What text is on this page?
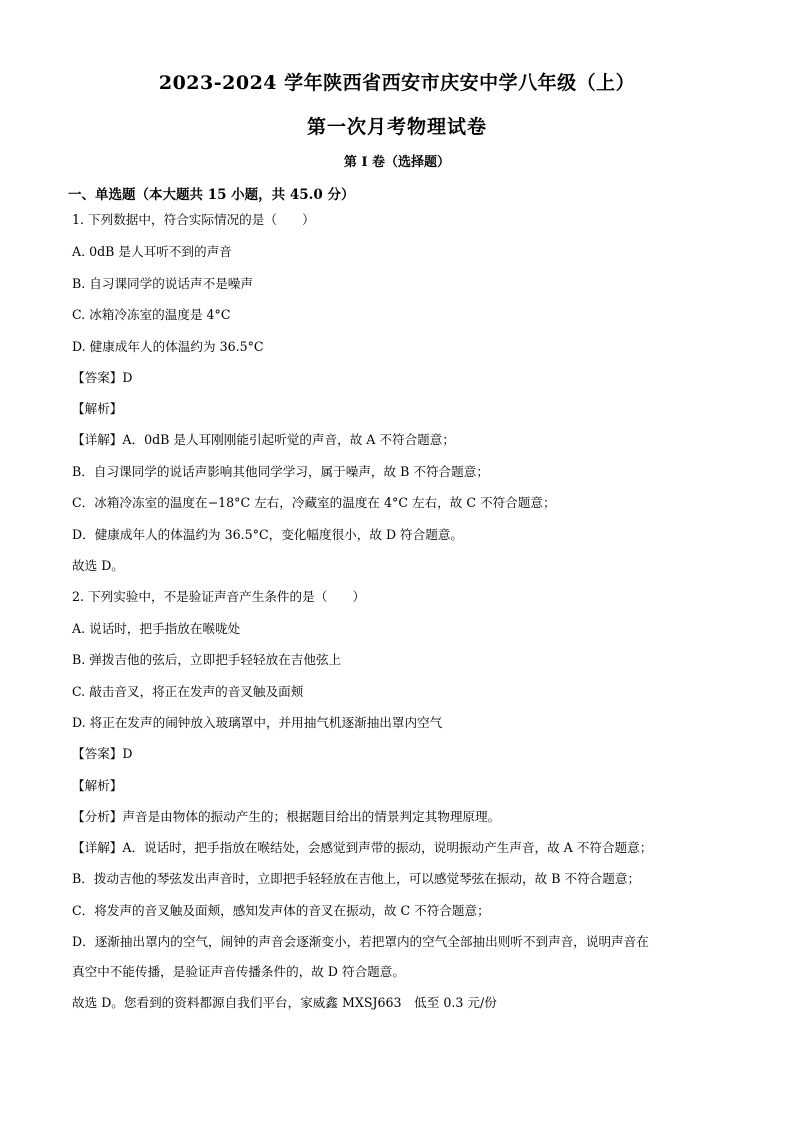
2023-2024 学年陕西省西安市庆安中学八年级（上）
第一次月考物理试卷
第 I 卷（选择题）
一、单选题（本大题共 15 小题，共 45.0 分）
1. 下列数据中，符合实际情况的是（　　）
A. 0dB 是人耳听不到的声音
B. 自习课同学的说话声不是噪声
C. 冰箱冷冻室的温度是 4°C
D. 健康成年人的体温约为 36.5°C
【答案】D
【解析】
【详解】A．0dB 是人耳刚刚能引起听觉的声音，故 A 不符合题意；
B．自习课同学的说话声影响其他同学学习，属于噪声，故 B 不符合题意；
C．冰箱冷冻室的温度在−18°C 左右，冷藏室的温度在 4°C 左右，故 C 不符合题意；
D．健康成年人的体温约为 36.5°C，变化幅度很小，故 D 符合题意。
故选 D。
2. 下列实验中，不是验证声音产生条件的是（　　）
A. 说话时，把手指放在喉咙处
B. 弹拨吉他的弦后，立即把手轻轻放在吉他弦上
C. 敲击音叉，将正在发声的音叉触及面颊
D. 将正在发声的闹钟放入玻璃罩中，并用抽气机逐渐抽出罩内空气
【答案】D
【解析】
【分析】声音是由物体的振动产生的；根据题目给出的情景判定其物理原理。
【详解】A．说话时，把手指放在喉结处，会感觉到声带的振动，说明振动产生声音，故 A 不符合题意；
B．拨动吉他的琴弦发出声音时，立即把手轻轻放在吉他上，可以感觉琴弦在振动，故 B 不符合题意；
C．将发声的音叉触及面颊，感知发声体的音叉在振动，故 C 不符合题意；
D．逐渐抽出罩内的空气，闹钟的声音会逐渐变小，若把罩内的空气全部抽出则听不到声音，说明声音在
真空中不能传播，是验证声音传播条件的，故 D 符合题意。
故选 D。您看到的资料都源自我们平台，家威鑫 MXSJ663　低至 0.3 元/份
